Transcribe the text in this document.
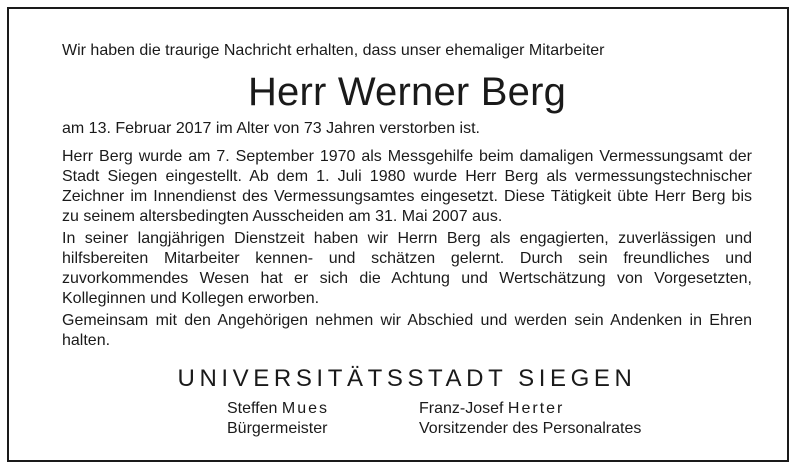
Wir haben die traurige Nachricht erhalten, dass unser ehemaliger Mitarbeiter

Herr Werner Berg

am 13. Februar 2017 im Alter von 73 Jahren verstorben ist.

Herr Berg wurde am 7. September 1970 als Messgehilfe beim damaligen Vermessungsamt der Stadt Siegen eingestellt. Ab dem 1. Juli 1980 wurde Herr Berg als vermessungstechnischer Zeichner im Innendienst des Vermessungsamtes eingesetzt. Diese Tätigkeit übte Herr Berg bis zu seinem altersbedingten Ausscheiden am 31. Mai 2007 aus.

In seiner langjährigen Dienstzeit haben wir Herrn Berg als engagierten, zuverlässigen und hilfsbereiten Mitarbeiter kennen- und schätzen gelernt. Durch sein freundliches und zuvorkommendes Wesen hat er sich die Achtung und Wertschätzung von Vorgesetzten, Kolleginnen und Kollegen erworben.

Gemeinsam mit den Angehörigen nehmen wir Abschied und werden sein Andenken in Ehren halten.

UNIVERSITÄTSSTADT SIEGEN
Steffen Mues
Bürgermeister
Franz-Josef Herter
Vorsitzender des Personalrates
